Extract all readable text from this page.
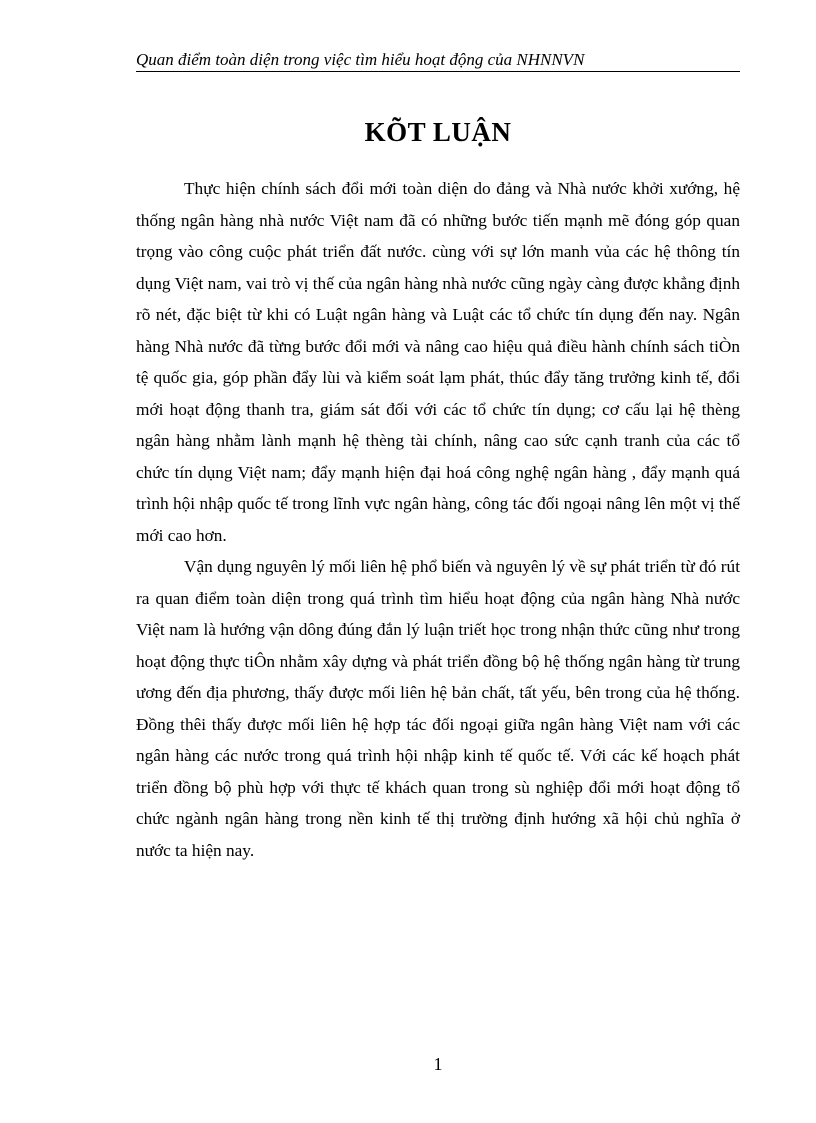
Quan điểm toàn diện trong việc tìm hiểu hoạt động của NHNNVN
KÕT LUẬN

Thực hiện chính sách đổi mới toàn diện do đảng và Nhà nước khởi xướng, hệ thống ngân hàng nhà nước Việt nam đã có những bước tiến mạnh mẽ đóng góp quan trọng vào công cuộc phát triển đất nước. cùng với sự lớn manh vủa các hệ thông tín dụng Việt nam, vai trò vị thế của ngân hàng nhà nước cũng ngày càng được khẳng định rõ nét, đặc biệt từ khi có Luật ngân hàng và Luật các tổ chức tín dụng đến nay. Ngân hàng Nhà nước đã từng bước đổi mới và nâng cao hiệu quả điều hành chính sách tiÒn tệ quốc gia, góp phần đẩy lùi và kiểm soát lạm phát, thúc đẩy tăng trưởng kinh tế, đổi mới hoạt động thanh tra, giám sát đối với các tổ chức tín dụng; cơ cấu lại hệ thèng ngân hàng nhằm lành mạnh hệ thèng tài chính, nâng cao sức cạnh tranh của các tổ chức tín dụng Việt nam; đẩy mạnh hiện đại hoá công nghệ ngân hàng , đẩy mạnh quá trình hội nhập quốc tế trong lĩnh vực ngân hàng, công tác đối ngoại nâng lên một vị thế mới cao hơn.

Vận dụng nguyên lý mối liên hệ phổ biến và nguyên lý về sự phát triển từ đó rút ra quan điểm toàn diện trong quá trình tìm hiểu hoạt động của ngân hàng Nhà nước Việt nam là hướng vận dông đúng đắn lý luận triết học trong nhận thức cũng như trong hoạt động thực tiÔn nhằm xây dựng và phát triển đồng bộ hệ thống ngân hàng từ trung ương đến địa phương, thấy được mối liên hệ bản chất, tất yếu, bên trong của hệ thống. Đồng thêi thấy được mối liên hệ hợp tác đối ngoại giữa ngân hàng Việt nam với các ngân hàng các nước trong quá trình hội nhập kinh tế quốc tế. Với các kế hoạch phát triển đồng bộ phù hợp với thực tế khách quan trong sù nghiệp đổi mới hoạt động tổ chức ngành ngân hàng trong nền kinh tế thị trường định hướng xã hội chủ nghĩa ở nước ta hiện nay.

1
